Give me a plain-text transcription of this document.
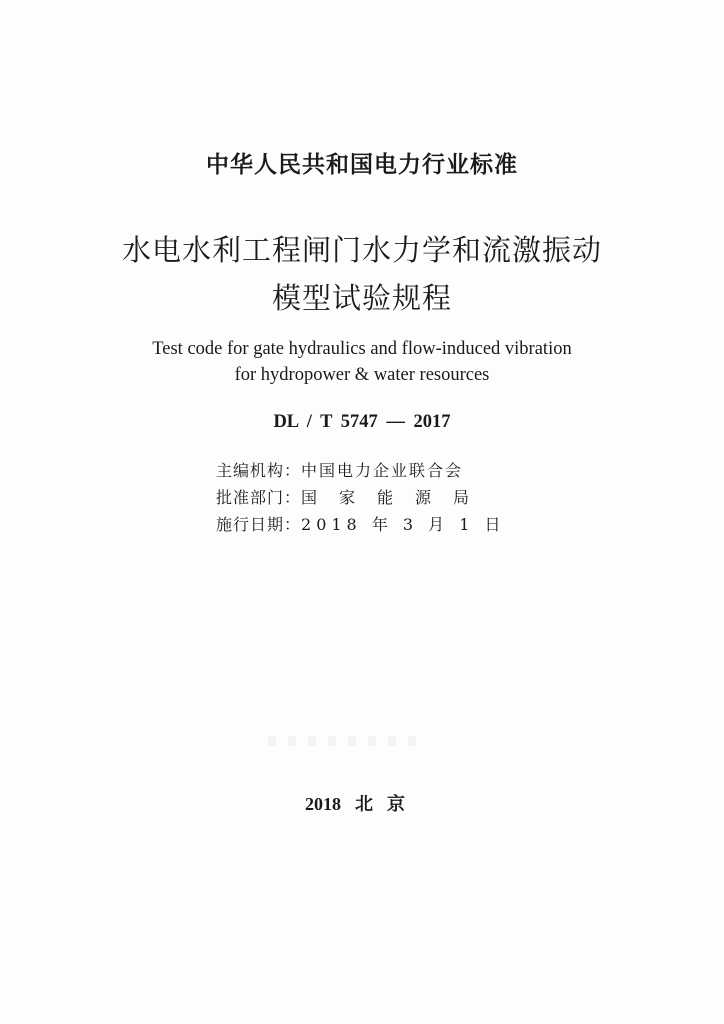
中华人民共和国电力行业标准
水电水利工程闸门水力学和流激振动
模型试验规程
Test code for gate hydraulics and flow-induced vibration
for hydropower & water resources
DL / T 5747 — 2017
主编机构： 中国电力企业联合会
批准部门： 国家能源局
施行日期： 2018 年 3 月 1 日
2018 北京
